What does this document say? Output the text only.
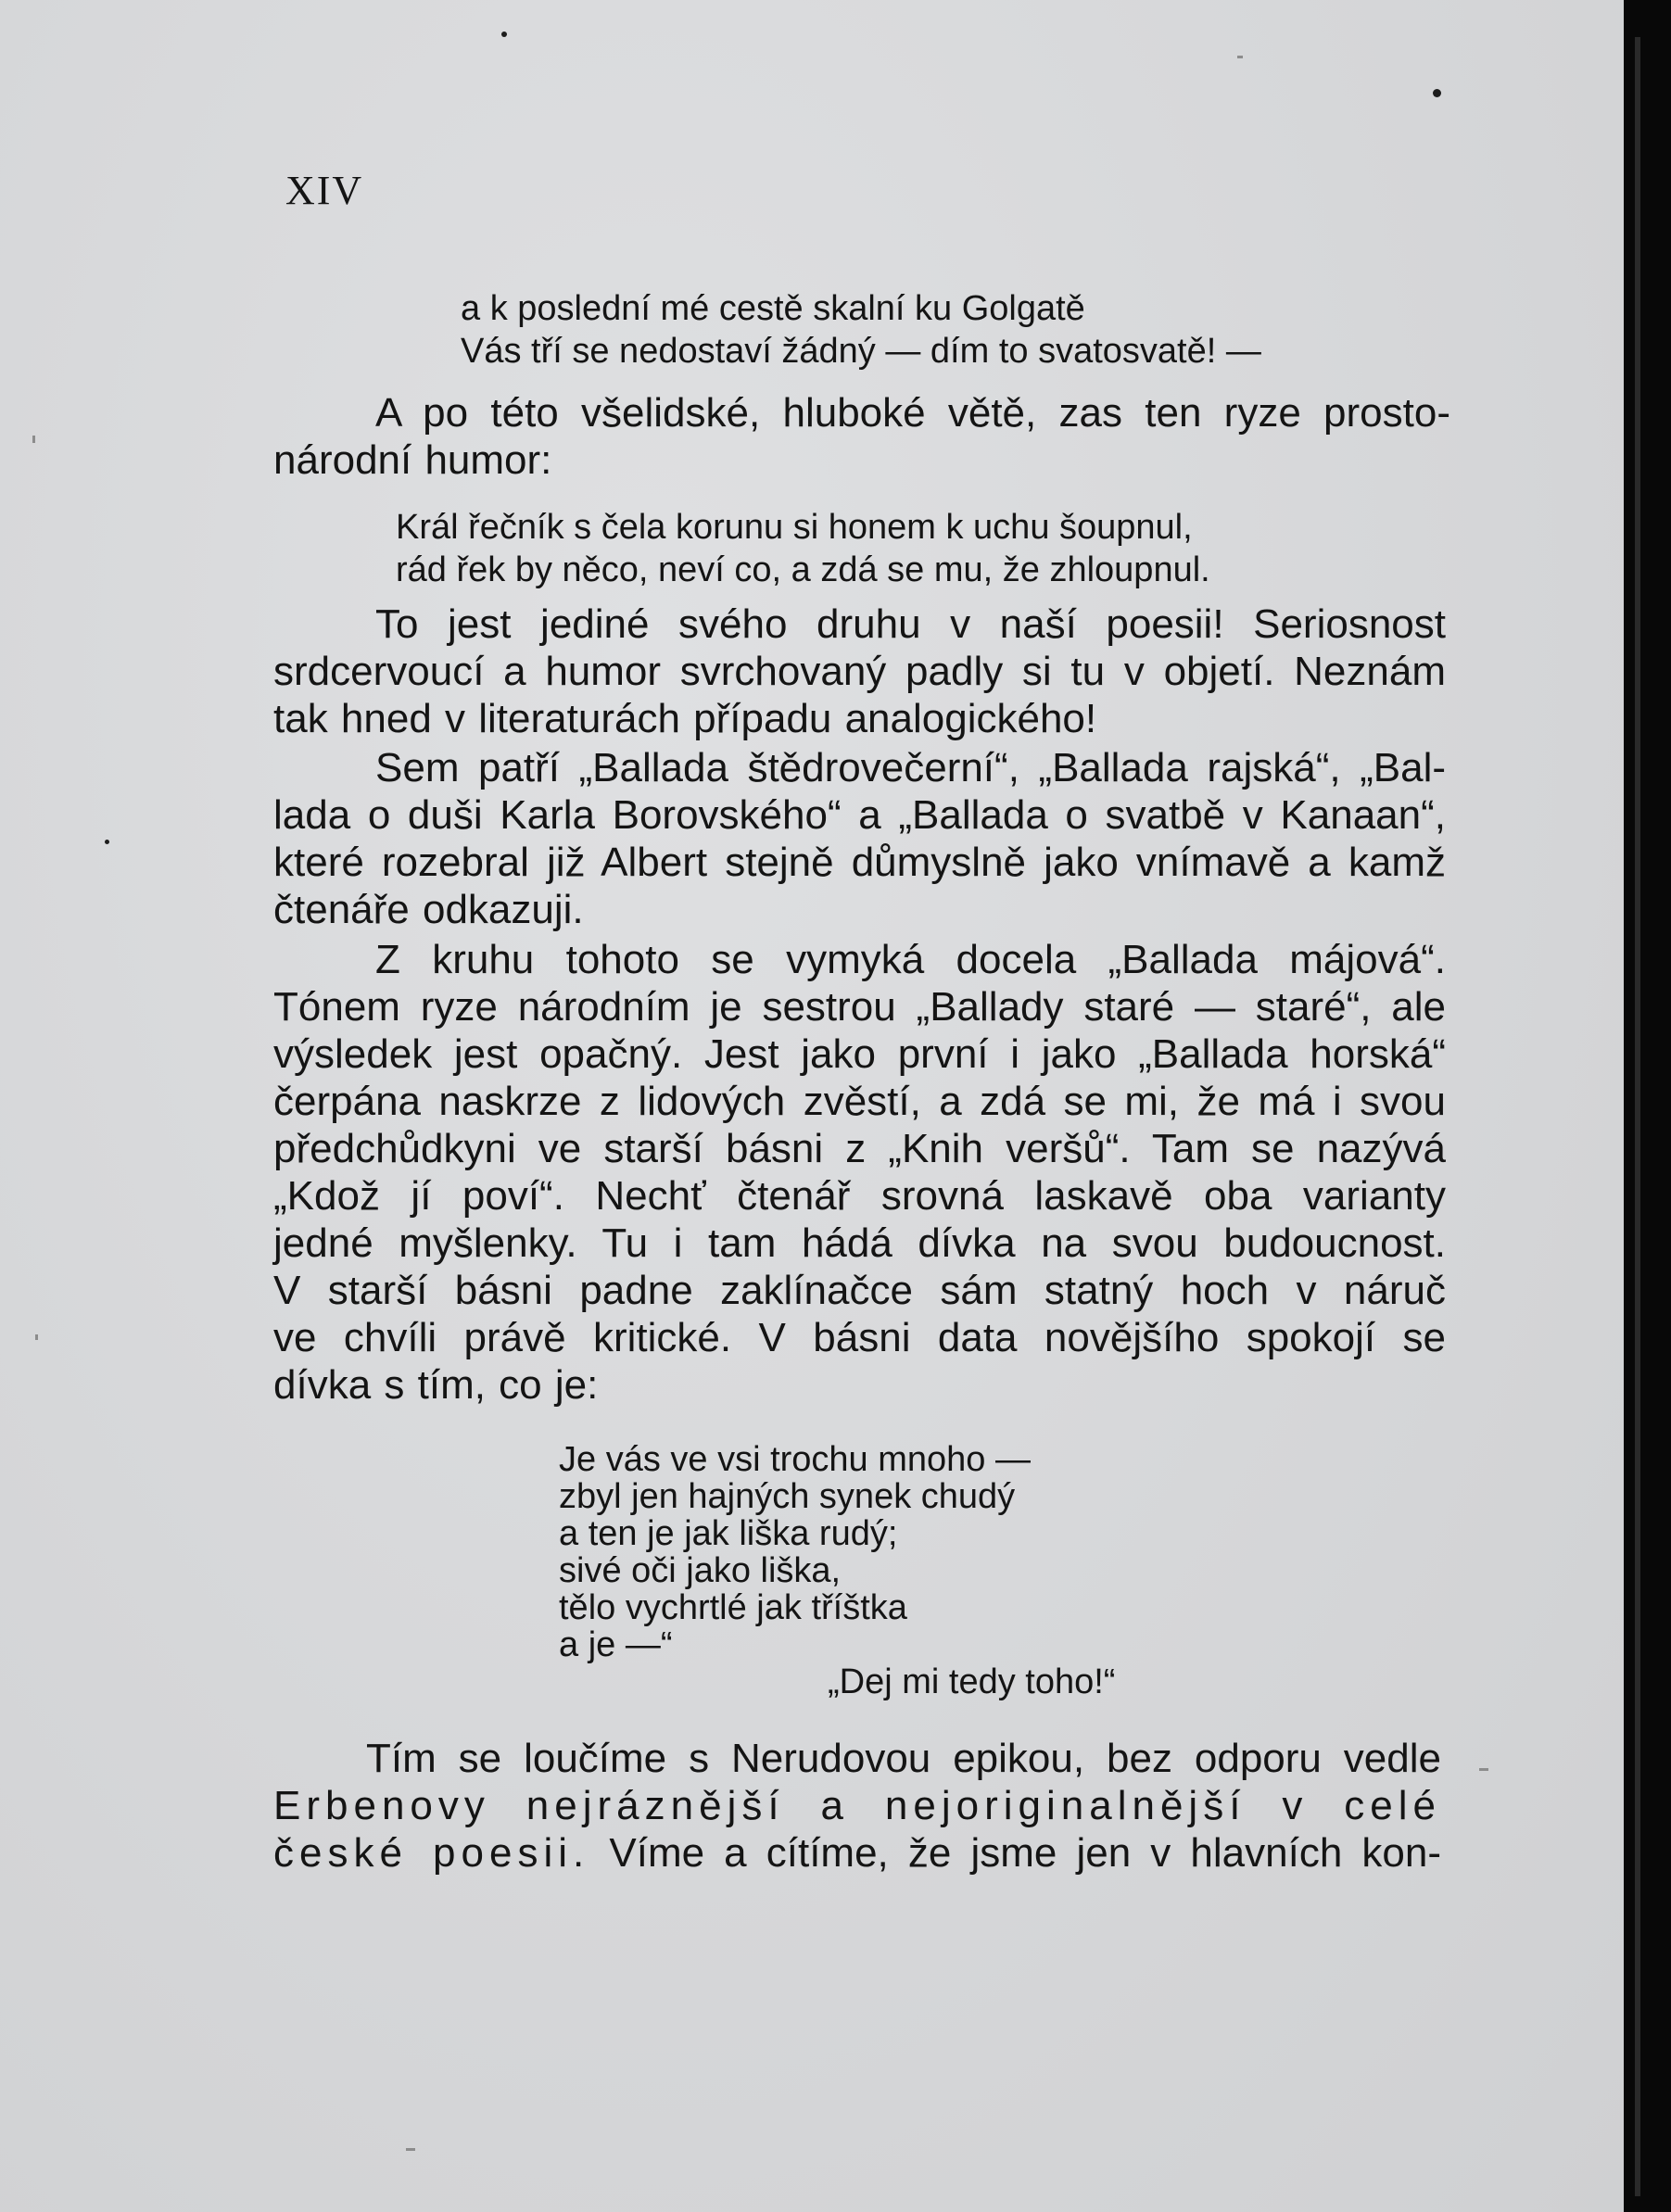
XIV
a k poslední mé cestě skalní ku Golgatě
Vás tří se nedostaví žádný — dím to svatosvatě! —
A po této všelidské, hluboké větě, zas ten ryze prosto-
národní humor:
Král řečník s čela korunu si honem k uchu šoupnul,
rád řek by něco, neví co, a zdá se mu, že zhloupnul.
To jest jediné svého druhu v naší poesii! Seriosnost
srdcervoucí a humor svrchovaný padly si tu v objetí. Neznám
tak hned v literaturách případu analogického!
Sem patří „Ballada štědrovečerní“, „Ballada rajská“, „Bal-
lada o duši Karla Borovského“ a „Ballada o svatbě v Kanaan“,
které rozebral již Albert stejně důmyslně jako vnímavě a kamž
čtenáře odkazuji.
Z kruhu tohoto se vymyká docela „Ballada májová“.
Tónem ryze národním je sestrou „Ballady staré — staré“, ale
výsledek jest opačný. Jest jako první i jako „Ballada horská“
čerpána naskrze z lidových zvěstí, a zdá se mi, že má i svou
předchůdkyni ve starší básni z „Knih veršů“. Tam se nazývá
„Kdož jí poví“. Nechť čtenář srovná laskavě oba varianty
jedné myšlenky. Tu i tam hádá dívka na svou budoucnost.
V starší básni padne zaklínačce sám statný hoch v náruč
ve chvíli právě kritické. V básni data novějšího spokojí se
dívka s tím, co je:
Je vás ve vsi trochu mnoho —
zbyl jen hajných synek chudý
a ten je jak liška rudý;
sivé oči jako liška,
tělo vychrtlé jak tříštka
a je —“
„Dej mi tedy toho!“
Tím se loučíme s Nerudovou epikou, bez odporu vedle
Erbenovy nejráznější a nejoriginalnější v celé
české poesii. Víme a cítíme, že jsme jen v hlavních kon-
